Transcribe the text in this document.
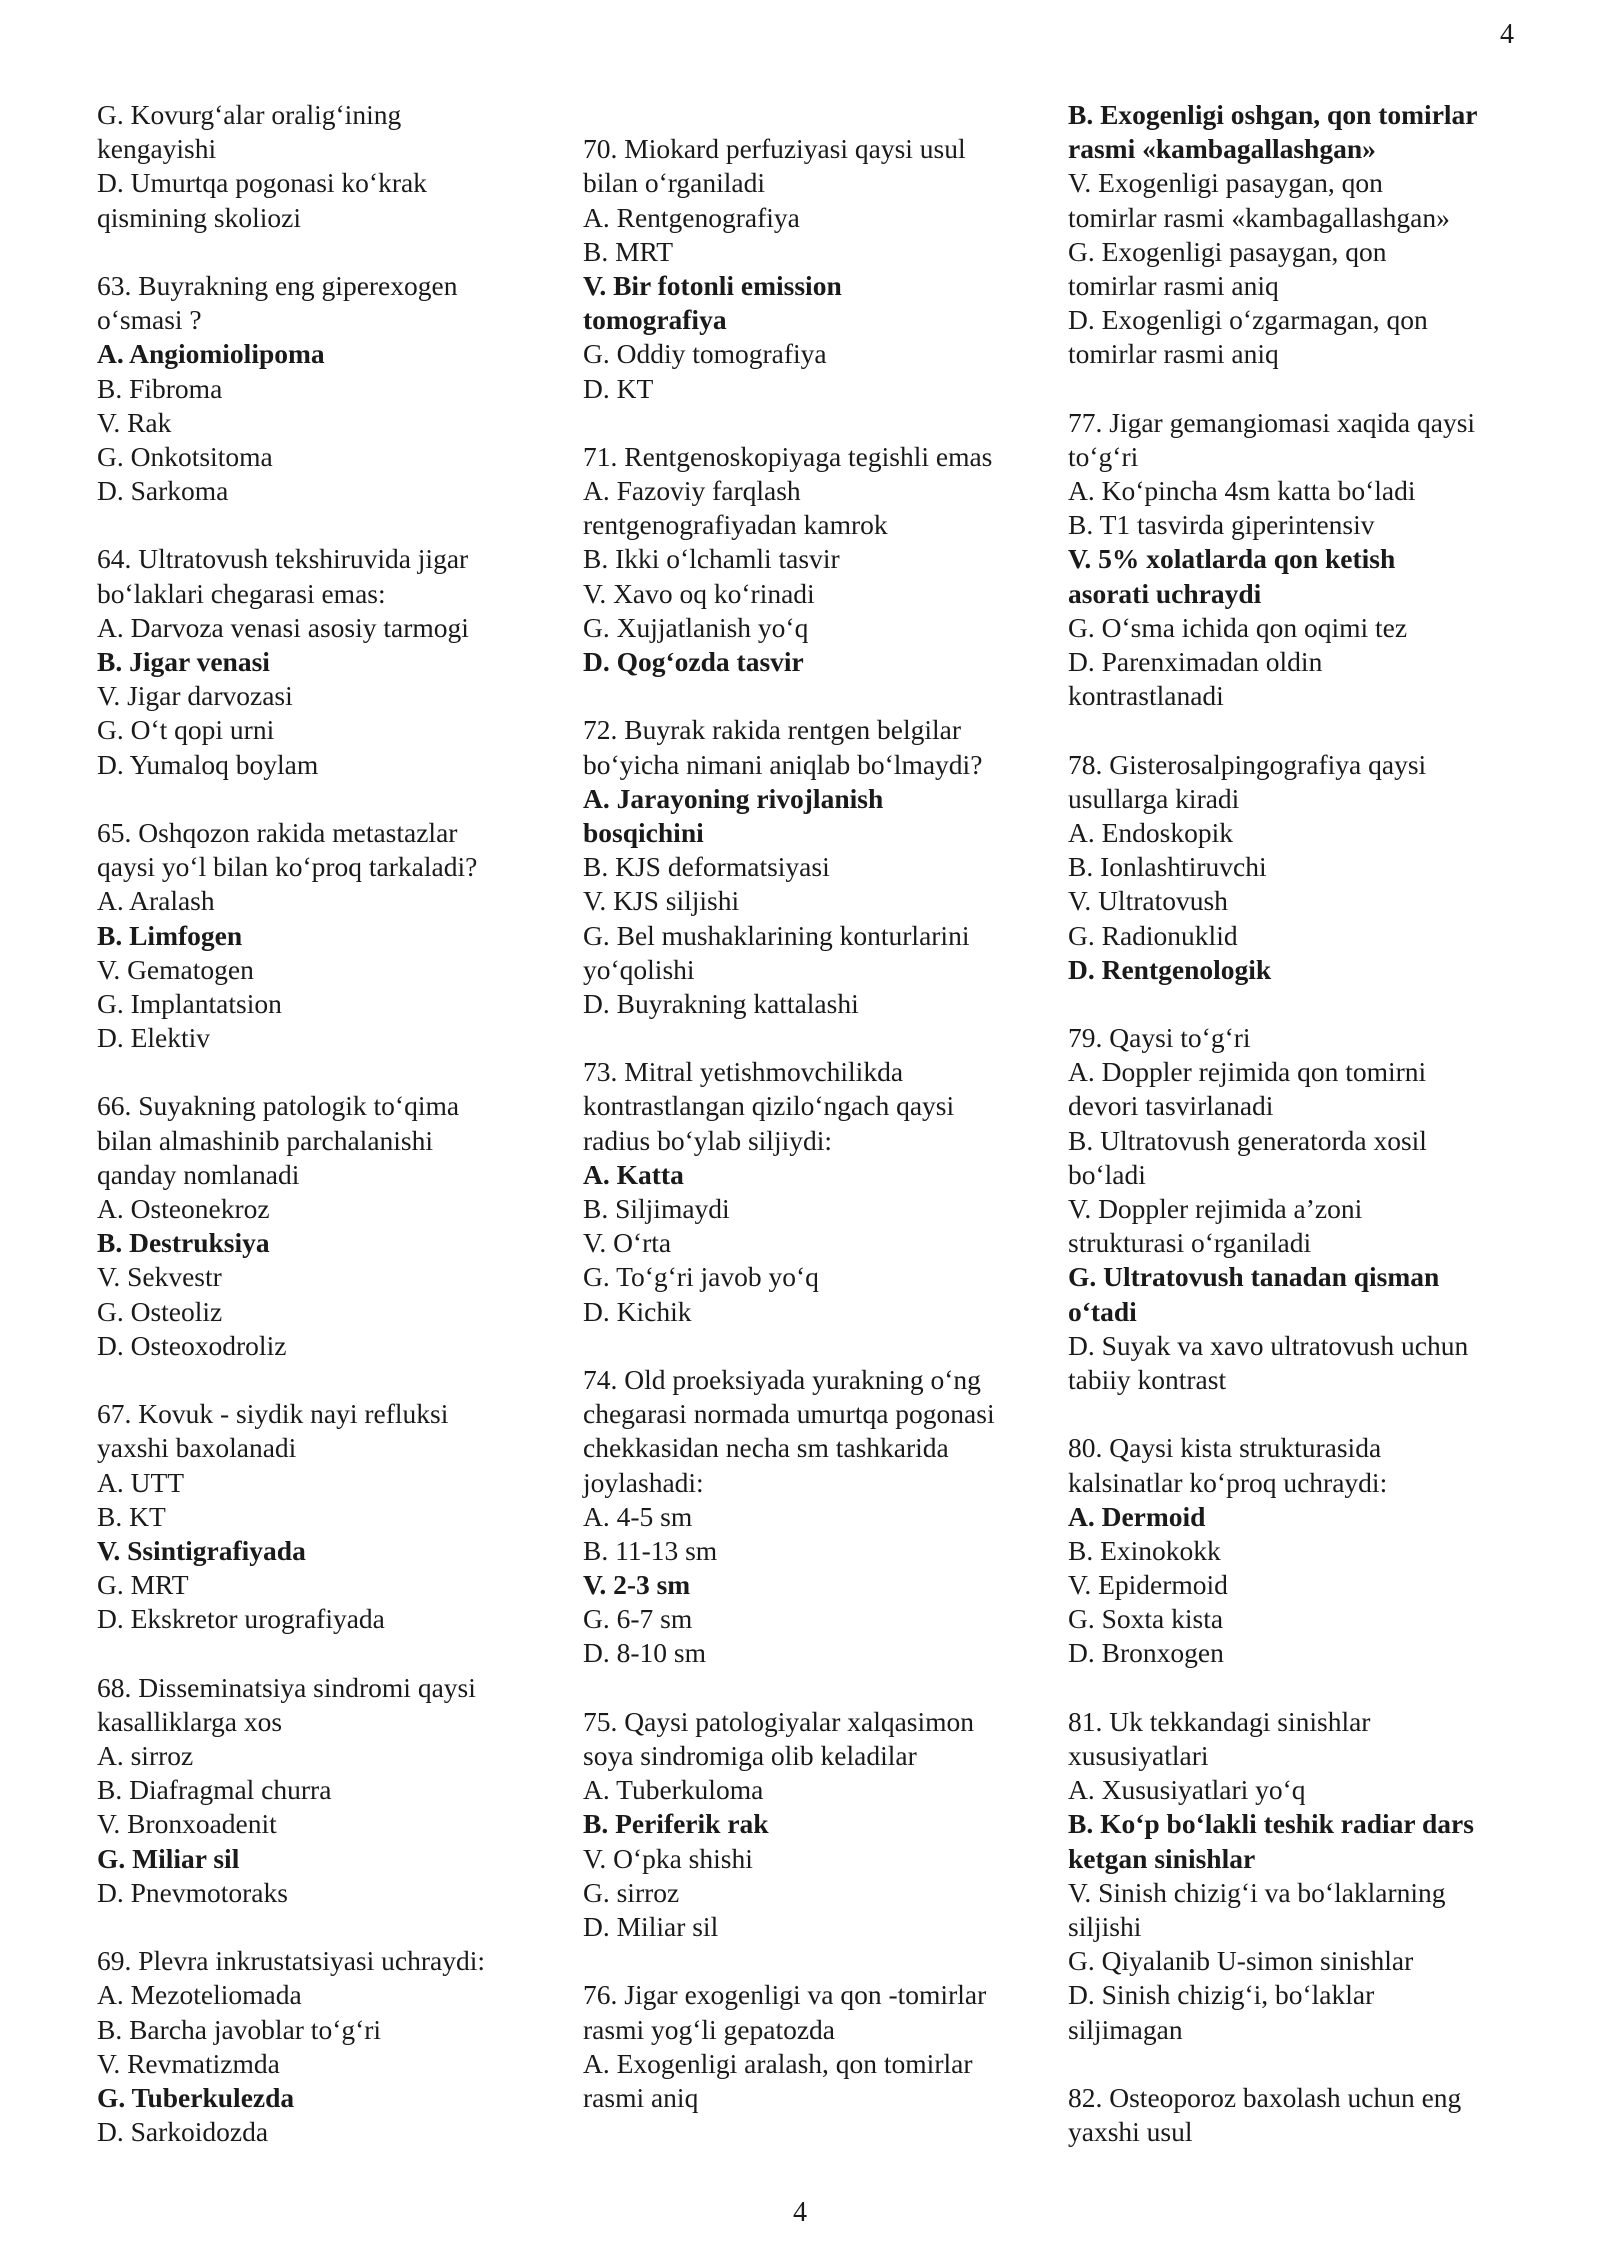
4
G. Kovurg‘alar oralig‘ining
kengayishi
D. Umurtqa pogonasi ko‘krak
qismining skoliozi
63. Buyrakning eng giperexogen
o‘smasi ?
A. Angiomiolipoma
B. Fibroma
V. Rak
G. Onkotsitoma
D. Sarkoma
64. Ultratovush tekshiruvida jigar
bo‘laklari chegarasi emas:
A. Darvoza venasi asosiy tarmogi
B. Jigar venasi
V. Jigar darvozasi
G. O‘t qopi urni
D. Yumaloq boylam
65. Oshqozon rakida metastazlar
qaysi yo‘l bilan ko‘proq tarkaladi?
A. Aralash
B. Limfogen
V. Gematogen
G. Implantatsion
D. Elektiv
66. Suyakning patologik to‘qima
bilan almashinib parchalanishi
qanday nomlanadi
A. Osteonekroz
B. Destruksiya
V. Sekvestr
G. Osteoliz
D. Osteoxodroliz
67. Kovuk - siydik nayi refluksi
yaxshi baxolanadi
A. UTT
B. KT
V. Ssintigrafiyada
G. MRT
D. Ekskretor urografiyada
68. Disseminatsiya sindromi qaysi
kasalliklarga xos
A. sirroz
B. Diafragmal churra
V. Bronxoadenit
G. Miliar sil
D. Pnevmotoraks
69. Plevra inkrustatsiyasi uchraydi:
A. Mezoteliomada
B. Barcha javoblar to‘g‘ri
V. Revmatizmda
G. Tuberkulezda
D. Sarkoidozda
70. Miokard perfuziyasi qaysi usul
bilan o‘rganiladi
A. Rentgenografiya
B. MRT
V. Bir fotonli emission
tomografiya
G. Oddiy tomografiya
D. KT
71. Rentgenoskopiyaga tegishli emas
A. Fazoviy farqlash
rentgenografiyadan kamrok
B. Ikki o‘lchamli tasvir
V. Xavo oq ko‘rinadi
G. Xujjatlanish yo‘q
D. Qog‘ozda tasvir
72. Buyrak rakida rentgen belgilar
bo‘yicha nimani aniqlab bo‘lmaydi?
A. Jarayoning rivojlanish
bosqichini
B. KJS deformatsiyasi
V. KJS siljishi
G. Bel mushaklarining konturlarini
yo‘qolishi
D. Buyrakning kattalashi
73. Mitral yetishmovchilikda
kontrastlangan qizilo‘ngach qaysi
radius bo‘ylab siljiydi:
A. Katta
B. Siljimaydi
V. O‘rta
G. To‘g‘ri javob yo‘q
D. Kichik
74. Old proeksiyada yurakning o‘ng
chegarasi normada umurtqa pogonasi
chekkasidan necha sm tashkarida
joylashadi:
A. 4-5 sm
B. 11-13 sm
V. 2-3 sm
G. 6-7 sm
D. 8-10 sm
75. Qaysi patologiyalar xalqasimon
soya sindromiga olib keladilar
A. Tuberkuloma
B. Periferik rak
V. O‘pka shishi
G. sirroz
D. Miliar sil
76. Jigar exogenligi va qon -tomirlar
rasmi yog‘li gepatozda
A. Exogenligi aralash, qon tomirlar
rasmi aniq
B. Exogenligi oshgan, qon tomirlar
rasmi «kambagallashgan»
V. Exogenligi pasaygan, qon
tomirlar rasmi «kambagallashgan»
G. Exogenligi pasaygan, qon
tomirlar rasmi aniq
D. Exogenligi o‘zgarmagan, qon
tomirlar rasmi aniq
77. Jigar gemangiomasi xaqida qaysi
to‘g‘ri
A. Ko‘pincha 4sm katta bo‘ladi
B. T1 tasvirda giperintensiv
V. 5% xolatlarda qon ketish
asorati uchraydi
G. O‘sma ichida qon oqimi tez
D. Parenximadan oldin
kontrastlanadi
78. Gisterosalpingografiya qaysi
usullarga kiradi
A. Endoskopik
B. Ionlashtiruvchi
V. Ultratovush
G. Radionuklid
D. Rentgenologik
79. Qaysi to‘g‘ri
A. Doppler rejimida qon tomirni
devori tasvirlanadi
B. Ultratovush generatorda xosil
bo‘ladi
V. Doppler rejimida a’zoni
strukturasi o‘rganiladi
G. Ultratovush tanadan qisman
o‘tadi
D. Suyak va xavo ultratovush uchun
tabiiy kontrast
80. Qaysi kista strukturasida
kalsinatlar ko‘proq uchraydi:
A. Dermoid
B. Exinokokk
V. Epidermoid
G. Soxta kista
D. Bronxogen
81. Uk tekkandagi sinishlar
xususiyatlari
A. Xususiyatlari yo‘q
B. Ko‘p bo‘lakli teshik radiar dars
ketgan sinishlar
V. Sinish chizig‘i va bo‘laklarning
siljishi
G. Qiyalanib U-simon sinishlar
D. Sinish chizig‘i, bo‘laklar
siljimagan
82. Osteoporoz baxolash uchun eng
yaxshi usul
4
